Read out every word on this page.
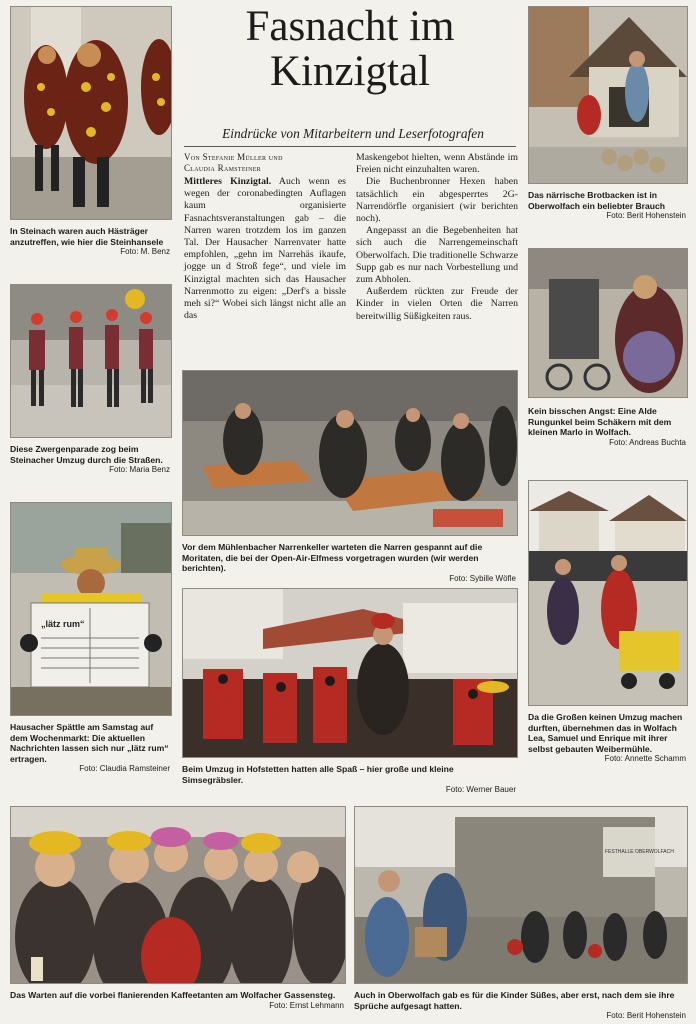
Fasnacht im
Kinzigtal
Eindrücke von Mitarbeitern und Leserfotografen
Von Stefanie Müller und
Claudia Ramsteiner

Mittleres Kinzigtal. Auch wenn es wegen der coronabedingten Auflagen kaum organisierte Fasnachtsveranstaltungen gab – die Narren waren trotzdem los im ganzen Tal. Der Hausacher Narrenvater hatte empfohlen, „gehn im Narrehäs ikaufe, jogge un d Stroß fege“, und viele im Kinzigtal machten sich das Hausacher Narrenmotto zu eigen: „Derf's a bissle meh si?“ Wobei sich längst nicht alle an das

Maskengebot hielten, wenn Abstände im Freien nicht einzuhalten waren.

Die Buchenbronner Hexen haben tatsächlich ein abgesperrtes 2G-Narrendörfle organisiert (wir berichten noch).

Angepasst an die Begebenheiten hat sich auch die Narrengemeinschaft Oberwolfach. Die traditionelle Schwarze Supp gab es nur nach Vorbestellung und zum Abholen.

Außerdem rückten zur Freude der Kinder in vielen Orten die Narren bereitwillig Süßigkeiten raus.

In Steinach waren auch Hästräger anzutreffen, wie hier die Steinhansele
Foto: M. Benz
Diese Zwergenparade zog beim Steinacher Umzug durch die Straßen.
Foto: Maria Benz
„lätz rum“
Hausacher Spättle am Samstag auf dem Wochenmarkt: Die aktuellen Nachrichten lassen sich nur „lätz rum“ ertragen.
Foto: Claudia Ramsteiner
Vor dem Mühlenbacher Narrenkeller warteten die Narren gespannt auf die Moritaten, die bei der Open-Air-Elfmess vorgetragen wurden (wir werden berichten).
Foto: Sybille Wöfle
Beim Umzug in Hofstetten hatten alle Spaß – hier große und kleine Simsegräbsler.
Foto: Werner Bauer
Das närrische Brotbacken ist in Oberwolfach ein beliebter Brauch
Foto: Berit Hohenstein
Kein bisschen Angst: Eine Alde Rungunkel beim Schäkern mit dem kleinen Marlo in Wolfach.
Foto: Andreas Buchta
Da die Großen keinen Umzug machen durften, übernehmen das in Wolfach Lea, Samuel und Enrique mit ihrer selbst gebauten Weibermühle.
Foto: Annette Schamm
Das Warten auf die vorbei flanierenden Kaffeetanten am Wolfacher Gassensteg.
Foto: Ernst Lehmann
FESTHALLE OBERWOLFACH
Auch in Oberwolfach gab es für die Kinder Süßes, aber erst, nach dem sie ihre Sprüche aufgesagt hatten.
Foto: Berit Hohenstein
